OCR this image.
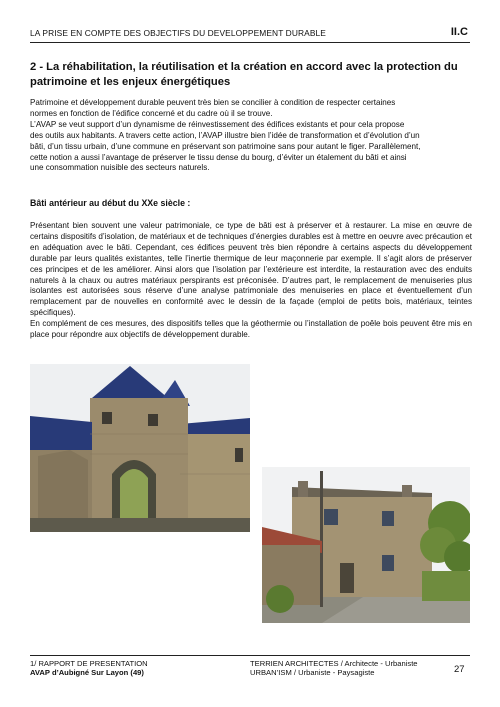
LA PRISE EN COMPTE DES OBJECTIFS DU DEVELOPPEMENT DURABLE	II.C
2 - La réhabilitation, la réutilisation et la création en accord avec la protection du patrimoine et les enjeux énergétiques

Patrimoine et développement durable peuvent très bien se concilier à condition de respecter certaines
normes en fonction de l’édifice concerné et du cadre où il se trouve.
L’AVAP se veut support d’un dynamisme de réinvestissement des édifices existants et pour cela propose
des outils aux habitants. A travers cette action, l’AVAP illustre bien l’idée de transformation et d’évolution d’un
bâti, d’un tissu urbain, d’une commune en préservant son patrimoine sans pour autant le figer. Parallèlement,
cette notion a aussi l’avantage de préserver le tissu dense du bourg, d’éviter un étalement du bâti et ainsi
une consommation nuisible des secteurs naturels.

Bâti antérieur au début du XXe siècle :
Présentant bien souvent une valeur patrimoniale, ce type de bâti est à préserver et à restaurer. La mise en œuvre de certains dispositifs d’isolation, de matériaux et de techniques d’énergies durables est à mettre en oeuvre avec précaution et en adéquation avec le bâti. Cependant, ces édifices peuvent très bien répondre à certains aspects du développement durable par leurs qualités existantes, telle l’inertie thermique de leur maçonnerie par exemple. Il s’agit alors de préserver ces principes et de les améliorer. Ainsi alors que l’isolation par l’extérieure est interdite, la restauration avec des enduits naturels à la chaux ou autres matériaux perspirants est préconisée. D’autres part, le remplacement de menuiseries plus isolantes est autorisées sous réserve d’une analyse patrimoniale des menuiseries en place et éventuellement d’un remplacement par de nouvelles en conformité avec le dessin de la façade (emploi de petits bois, matériaux, teintes spécifiques).
En complément de ces mesures, des dispositifs telles que la géothermie ou l’installation de poêle bois peuvent être mis en place pour répondre aux objectifs de développement durable.
1/ RAPPORT DE PRESENTATION
AVAP d’Aubigné Sur Layon (49)
TERRIEN ARCHITECTES / Architecte - Urbaniste
URBAN’ISM / Urbaniste - Paysagiste	27
